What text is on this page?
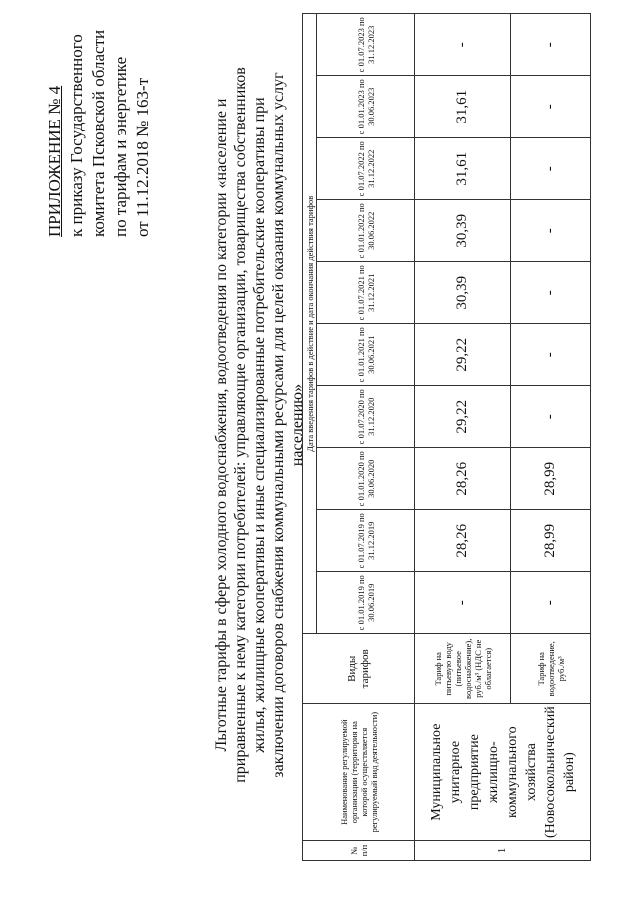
ПРИЛОЖЕНИЕ № 4 к приказу Государственного комитета Псковской области по тарифам и энергетике от 11.12.2018 № 163-т	Льготные тарифы в сфере холодного водоснабжения, водоотведения по категории «население и приравненные к нему категории потребителей: управляющие организации, товарищества собственников жилья, жилищные кооперативы и иные специализированные потребительские кооперативы при заключении договоров снабжения коммунальными ресурсами для целей оказания коммунальных услуг населению»
№ п/п	Наименование регулируемой организации (территория на которой осуществляется регулируемый вид деятельности)	Виды тарифов	Дата введения тарифов в действие и дата окончания действия тарифов									
			с 01.01.2019 по 30.06.2019	с 01.07.2019 по 31.12.2019	с 01.01.2020 по 30.06.2020	с 01.07.2020 по 31.12.2020	с 01.01.2021 по 30.06.2021	с 01.07.2021 по 31.12.2021	с 01.01.2022 по 30.06.2022	с 01.07.2022 по 31.12.2022	с 01.01.2023 по 30.06.2023	с 01.07.2023 по 31.12.2023
1	Муниципальное унитарное предприятие жилищно-коммунального хозяйства (Новосокольнический район)	Тариф на питьевую воду (питьевое водоснабжение), руб./м³ (НДС не облагается)	-	28,26	28,26	29,22	29,22	30,39	30,39	31,61	31,61	-
		Тариф на водоотведение, руб./м³	-	28,99	28,99	-	-	-	-	-	-	-
